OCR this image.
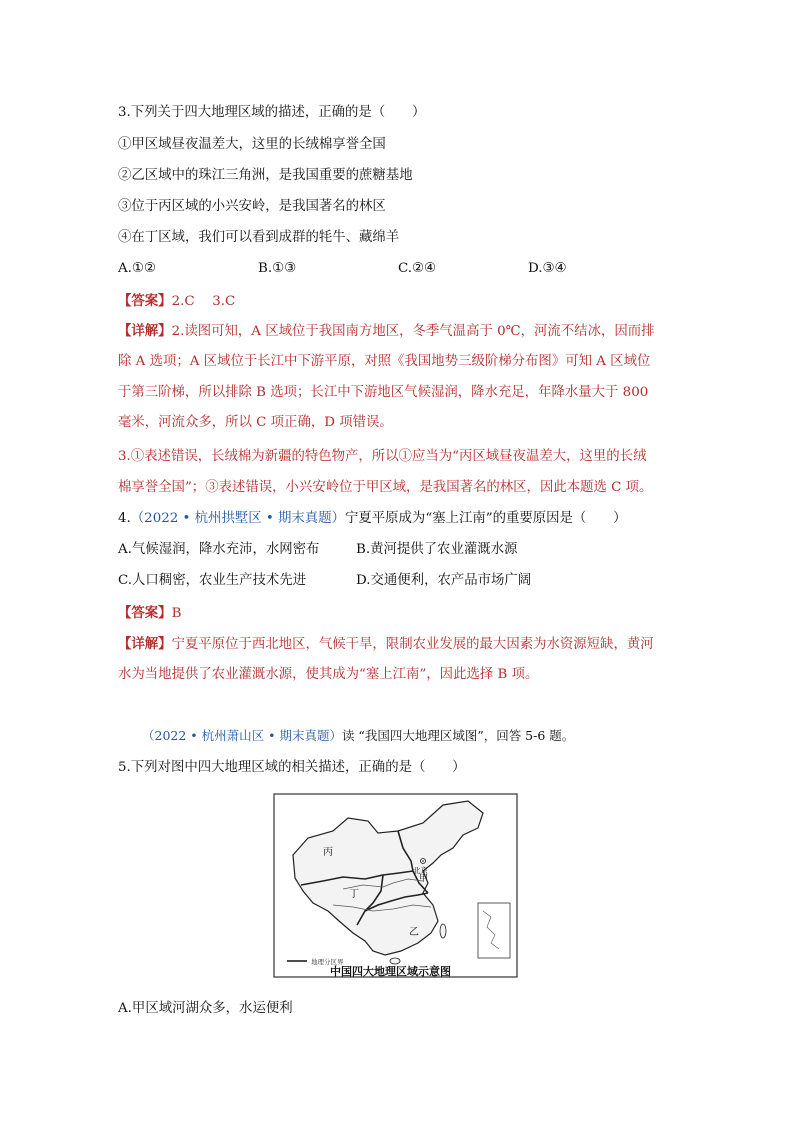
3.下列关于四大地理区域的描述，正确的是（　　）
①甲区域昼夜温差大，这里的长绒棉享誉全国
②乙区域中的珠江三角洲，是我国重要的蔗糖基地
③位于丙区域的小兴安岭，是我国著名的林区
④在丁区域，我们可以看到成群的牦牛、藏绵羊
A.①②	B.①③	C.②④	D.③④
【答案】2.C　 3.C
【详解】2.读图可知，A 区域位于我国南方地区，冬季气温高于 0℃，河流不结冰，因而排
除 A 选项；A 区域位于长江中下游平原，对照《我国地势三级阶梯分布图》可知 A 区域位
于第三阶梯，所以排除 B 选项；长江中下游地区气候湿润，降水充足，年降水量大于 800
毫米，河流众多，所以 C 项正确，D 项错误。
3.①表述错误，长绒棉为新疆的特色物产，所以①应当为“丙区域昼夜温差大，这里的长绒
棉享誉全国”；③表述错误，小兴安岭位于甲区域，是我国著名的林区，因此本题选 C 项。
4.（2022 • 杭州拱墅区 • 期末真题）宁夏平原成为“塞上江南”的重要原因是（　　）
A.气候湿润，降水充沛，水网密布	B.黄河提供了农业灌溉水源
C.人口稠密，农业生产技术先进	D.交通便利，农产品市场广阔
【答案】B
【详解】宁夏平原位于西北地区，气候干旱，限制农业发展的最大因素为水资源短缺，黄河
水为当地提供了农业灌溉水源，使其成为“塞上江南”，因此选择 B 项。
（2022 • 杭州萧山区 • 期末真题）读 “我国四大地理区域图”，回答 5-6 题。
5.下列对图中四大地理区域的相关描述，正确的是（　　）
丙
丁
甲
乙
北京
地理分区界
中国四大地理区域示意图
A.甲区域河湖众多，水运便利
